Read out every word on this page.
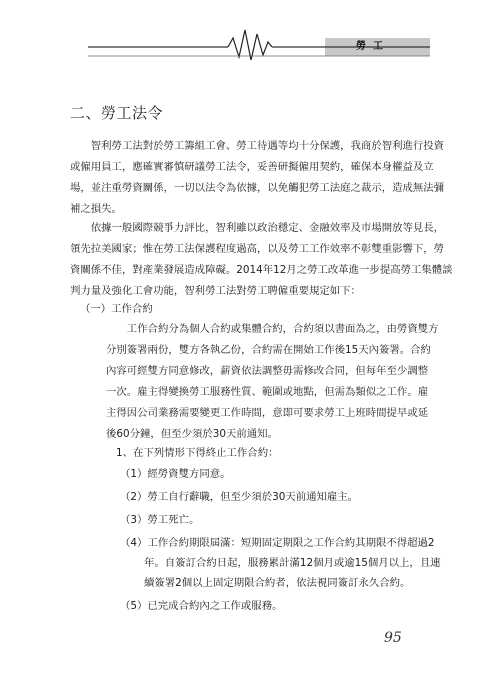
勞工
二、勞工法令
　　智利勞工法對於勞工籌組工會、勞工待遇等均十分保護，我商於智利進行投資
或僱用員工，應確實審慎研議勞工法令，妥善研擬僱用契約，確保本身權益及立
場，並注重勞資關係，一切以法令為依據，以免觸犯勞工法庭之裁示，造成無法彌
補之損失。
　　依據一般國際競爭力評比，智利雖以政治穩定、金融效率及市場開放等見長，
領先拉美國家；惟在勞工法保護程度過高，以及勞工工作效率不彰雙重影響下，勞
資關係不佳，對產業發展造成障礙。2014年12月之勞工改革進一步提高勞工集體談
判力量及強化工會功能，智利勞工法對勞工聘僱重要規定如下：
（一）工作合約
　　工作合約分為個人合約或集體合約，合約須以書面為之，由勞資雙方
分別簽署兩份，雙方各執乙份，合約需在開始工作後15天內簽署。合約
內容可經雙方同意修改，薪資依法調整毋需修改合同，但每年至少調整
一次。雇主得變換勞工服務性質、範圍或地點，但需為類似之工作。雇
主得因公司業務需要變更工作時間，意即可要求勞工上班時間提早或延
後60分鐘，但至少須於30天前通知。
1、在下列情形下得終止工作合約：
（1）經勞資雙方同意。
（2）勞工自行辭職，但至少須於30天前通知雇主。
（3）勞工死亡。
（4）工作合約期限屆滿：短期固定期限之工作合約其期限不得超過2
年。自簽訂合約日起，服務累計滿12個月或逾15個月以上，且連
續簽署2個以上固定期限合約者，依法視同簽訂永久合約。
（5）已完成合約內之工作或服務。
95
